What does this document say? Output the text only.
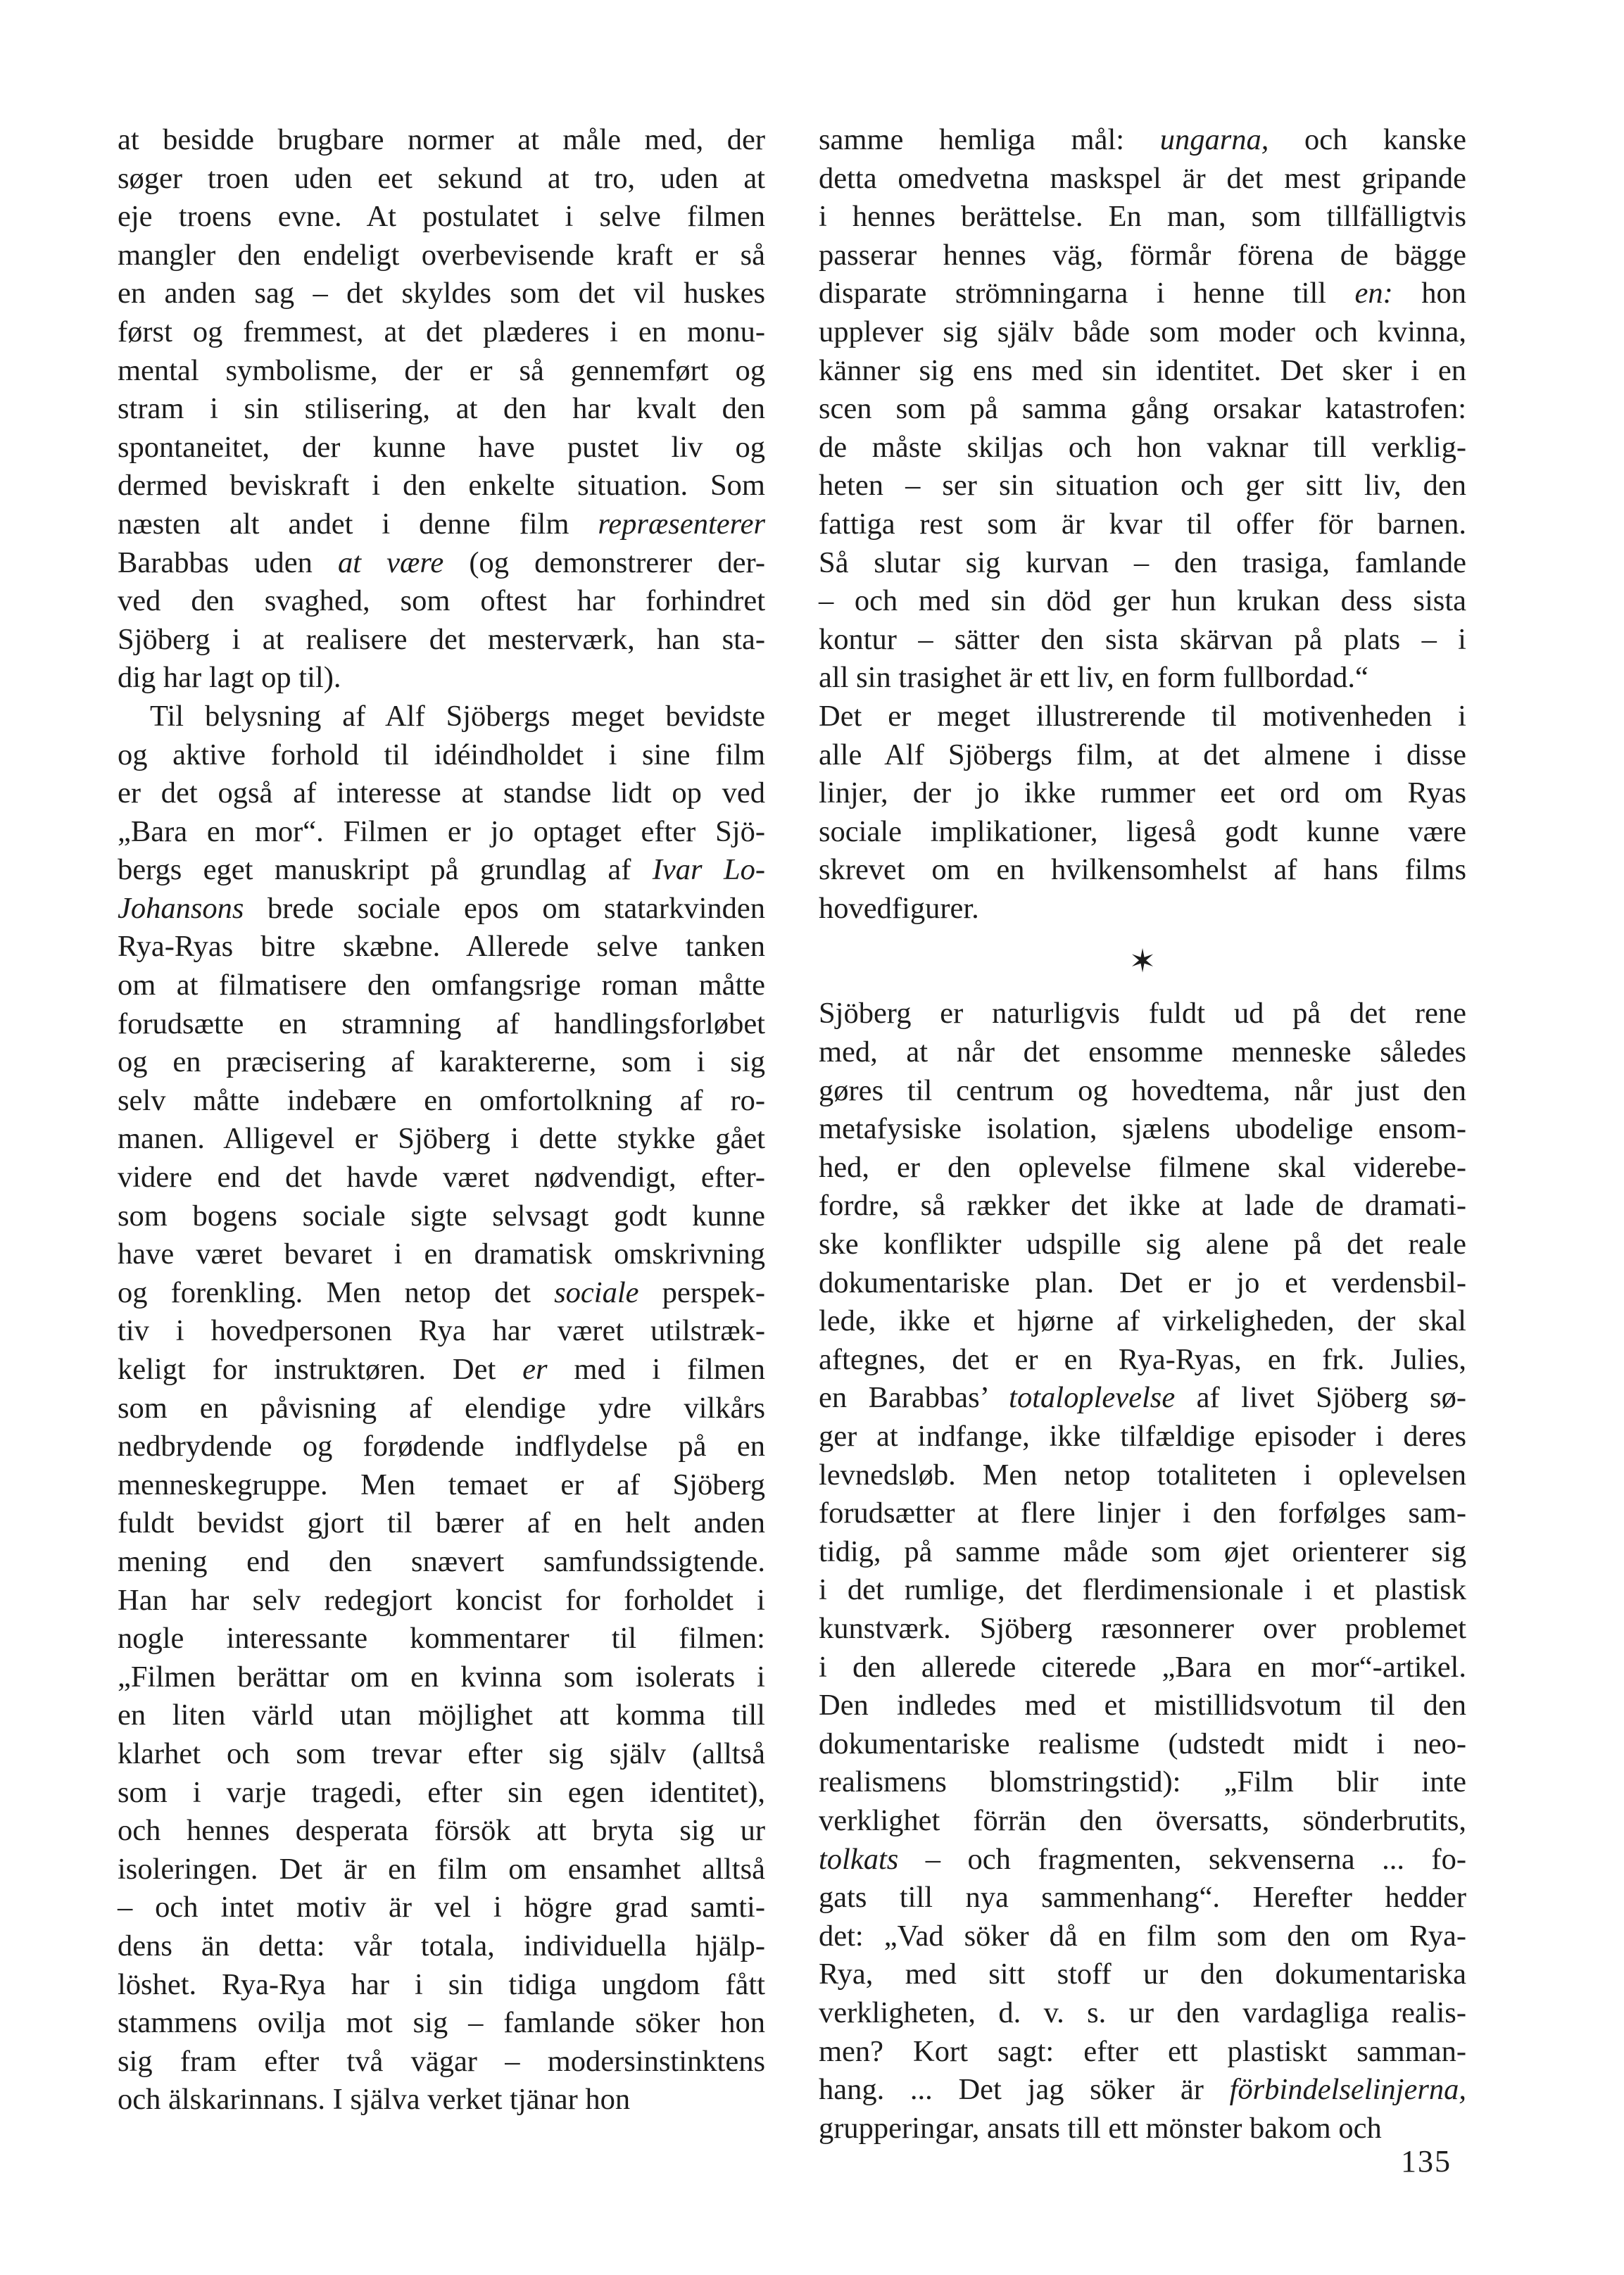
at besidde brugbare normer at måle med, der
søger troen uden eet sekund at tro, uden at
eje troens evne. At postulatet i selve filmen
mangler den endeligt overbevisende kraft er så
en anden sag – det skyldes som det vil huskes
først og fremmest, at det plæderes i en monu-
mental symbolisme, der er så gennemført og
stram i sin stilisering, at den har kvalt den
spontaneitet, der kunne have pustet liv og
dermed beviskraft i den enkelte situation. Som
næsten alt andet i denne film repræsenterer
Barabbas uden at være (og demonstrerer der-
ved den svaghed, som oftest har forhindret
Sjöberg i at realisere det mesterværk, han sta-
dig har lagt op til).
Til belysning af Alf Sjöbergs meget bevidste
og aktive forhold til idéindholdet i sine film
er det også af interesse at standse lidt op ved
„Bara en mor“. Filmen er jo optaget efter Sjö-
bergs eget manuskript på grundlag af Ivar Lo-
Johansons brede sociale epos om statarkvinden
Rya-Ryas bitre skæbne. Allerede selve tanken
om at filmatisere den omfangsrige roman måtte
forudsætte en stramning af handlingsforløbet
og en præcisering af karaktererne, som i sig
selv måtte indebære en omfortolkning af ro-
manen. Alligevel er Sjöberg i dette stykke gået
videre end det havde været nødvendigt, efter-
som bogens sociale sigte selvsagt godt kunne
have været bevaret i en dramatisk omskrivning
og forenkling. Men netop det sociale perspek-
tiv i hovedpersonen Rya har været utilstræk-
keligt for instruktøren. Det er med i filmen
som en påvisning af elendige ydre vilkårs
nedbrydende og forødende indflydelse på en
menneskegruppe. Men temaet er af Sjöberg
fuldt bevidst gjort til bærer af en helt anden
mening end den snævert samfundssigtende.
Han har selv redegjort koncist for forholdet i
nogle interessante kommentarer til filmen:
„Filmen berättar om en kvinna som isolerats i
en liten värld utan möjlighet att komma till
klarhet och som trevar efter sig själv (alltså
som i varje tragedi, efter sin egen identitet),
och hennes desperata försök att bryta sig ur
isoleringen. Det är en film om ensamhet alltså
– och intet motiv är vel i högre grad samti-
dens än detta: vår totala, individuella hjälp-
löshet. Rya-Rya har i sin tidiga ungdom fått
stammens ovilja mot sig – famlande söker hon
sig fram efter två vägar – modersinstinktens
och älskarinnans. I själva verket tjänar hon
samme hemliga mål: ungarna, och kanske
detta omedvetna maskspel är det mest gripande
i hennes berättelse. En man, som tillfälligtvis
passerar hennes väg, förmår förena de bägge
disparate strömningarna i henne till en: hon
upplever sig själv både som moder och kvinna,
känner sig ens med sin identitet. Det sker i en
scen som på samma gång orsakar katastrofen:
de måste skiljas och hon vaknar till verklig-
heten – ser sin situation och ger sitt liv, den
fattiga rest som är kvar til offer för barnen.
Så slutar sig kurvan – den trasiga, famlande
– och med sin död ger hun krukan dess sista
kontur – sätter den sista skärvan på plats – i
all sin trasighet är ett liv, en form fullbordad.“
Det er meget illustrerende til motivenheden i
alle Alf Sjöbergs film, at det almene i disse
linjer, der jo ikke rummer eet ord om Ryas
sociale implikationer, ligeså godt kunne være
skrevet om en hvilkensomhelst af hans films
hovedfigurer.
✶
Sjöberg er naturligvis fuldt ud på det rene
med, at når det ensomme menneske således
gøres til centrum og hovedtema, når just den
metafysiske isolation, sjælens ubodelige ensom-
hed, er den oplevelse filmene skal viderebe-
fordre, så rækker det ikke at lade de dramati-
ske konflikter udspille sig alene på det reale
dokumentariske plan. Det er jo et verdensbil-
lede, ikke et hjørne af virkeligheden, der skal
aftegnes, det er en Rya-Ryas, en frk. Julies,
en Barabbas’ totaloplevelse af livet Sjöberg sø-
ger at indfange, ikke tilfældige episoder i deres
levnedsløb. Men netop totaliteten i oplevelsen
forudsætter at flere linjer i den forfølges sam-
tidig, på samme måde som øjet orienterer sig
i det rumlige, det flerdimensionale i et plastisk
kunstværk. Sjöberg ræsonnerer over problemet
i den allerede citerede „Bara en mor“-artikel.
Den indledes med et mistillidsvotum til den
dokumentariske realisme (udstedt midt i neo-
realismens blomstringstid): „Film blir inte
verklighet förrän den översatts, sönderbrutits,
tolkats – och fragmenten, sekvenserna ... fo-
gats till nya sammenhang“. Herefter hedder
det: „Vad söker då en film som den om Rya-
Rya, med sitt stoff ur den dokumentariska
verkligheten, d. v. s. ur den vardagliga realis-
men? Kort sagt: efter ett plastiskt samman-
hang. ... Det jag söker är förbindelselinjerna,
grupperingar, ansats till ett mönster bakom och
135
